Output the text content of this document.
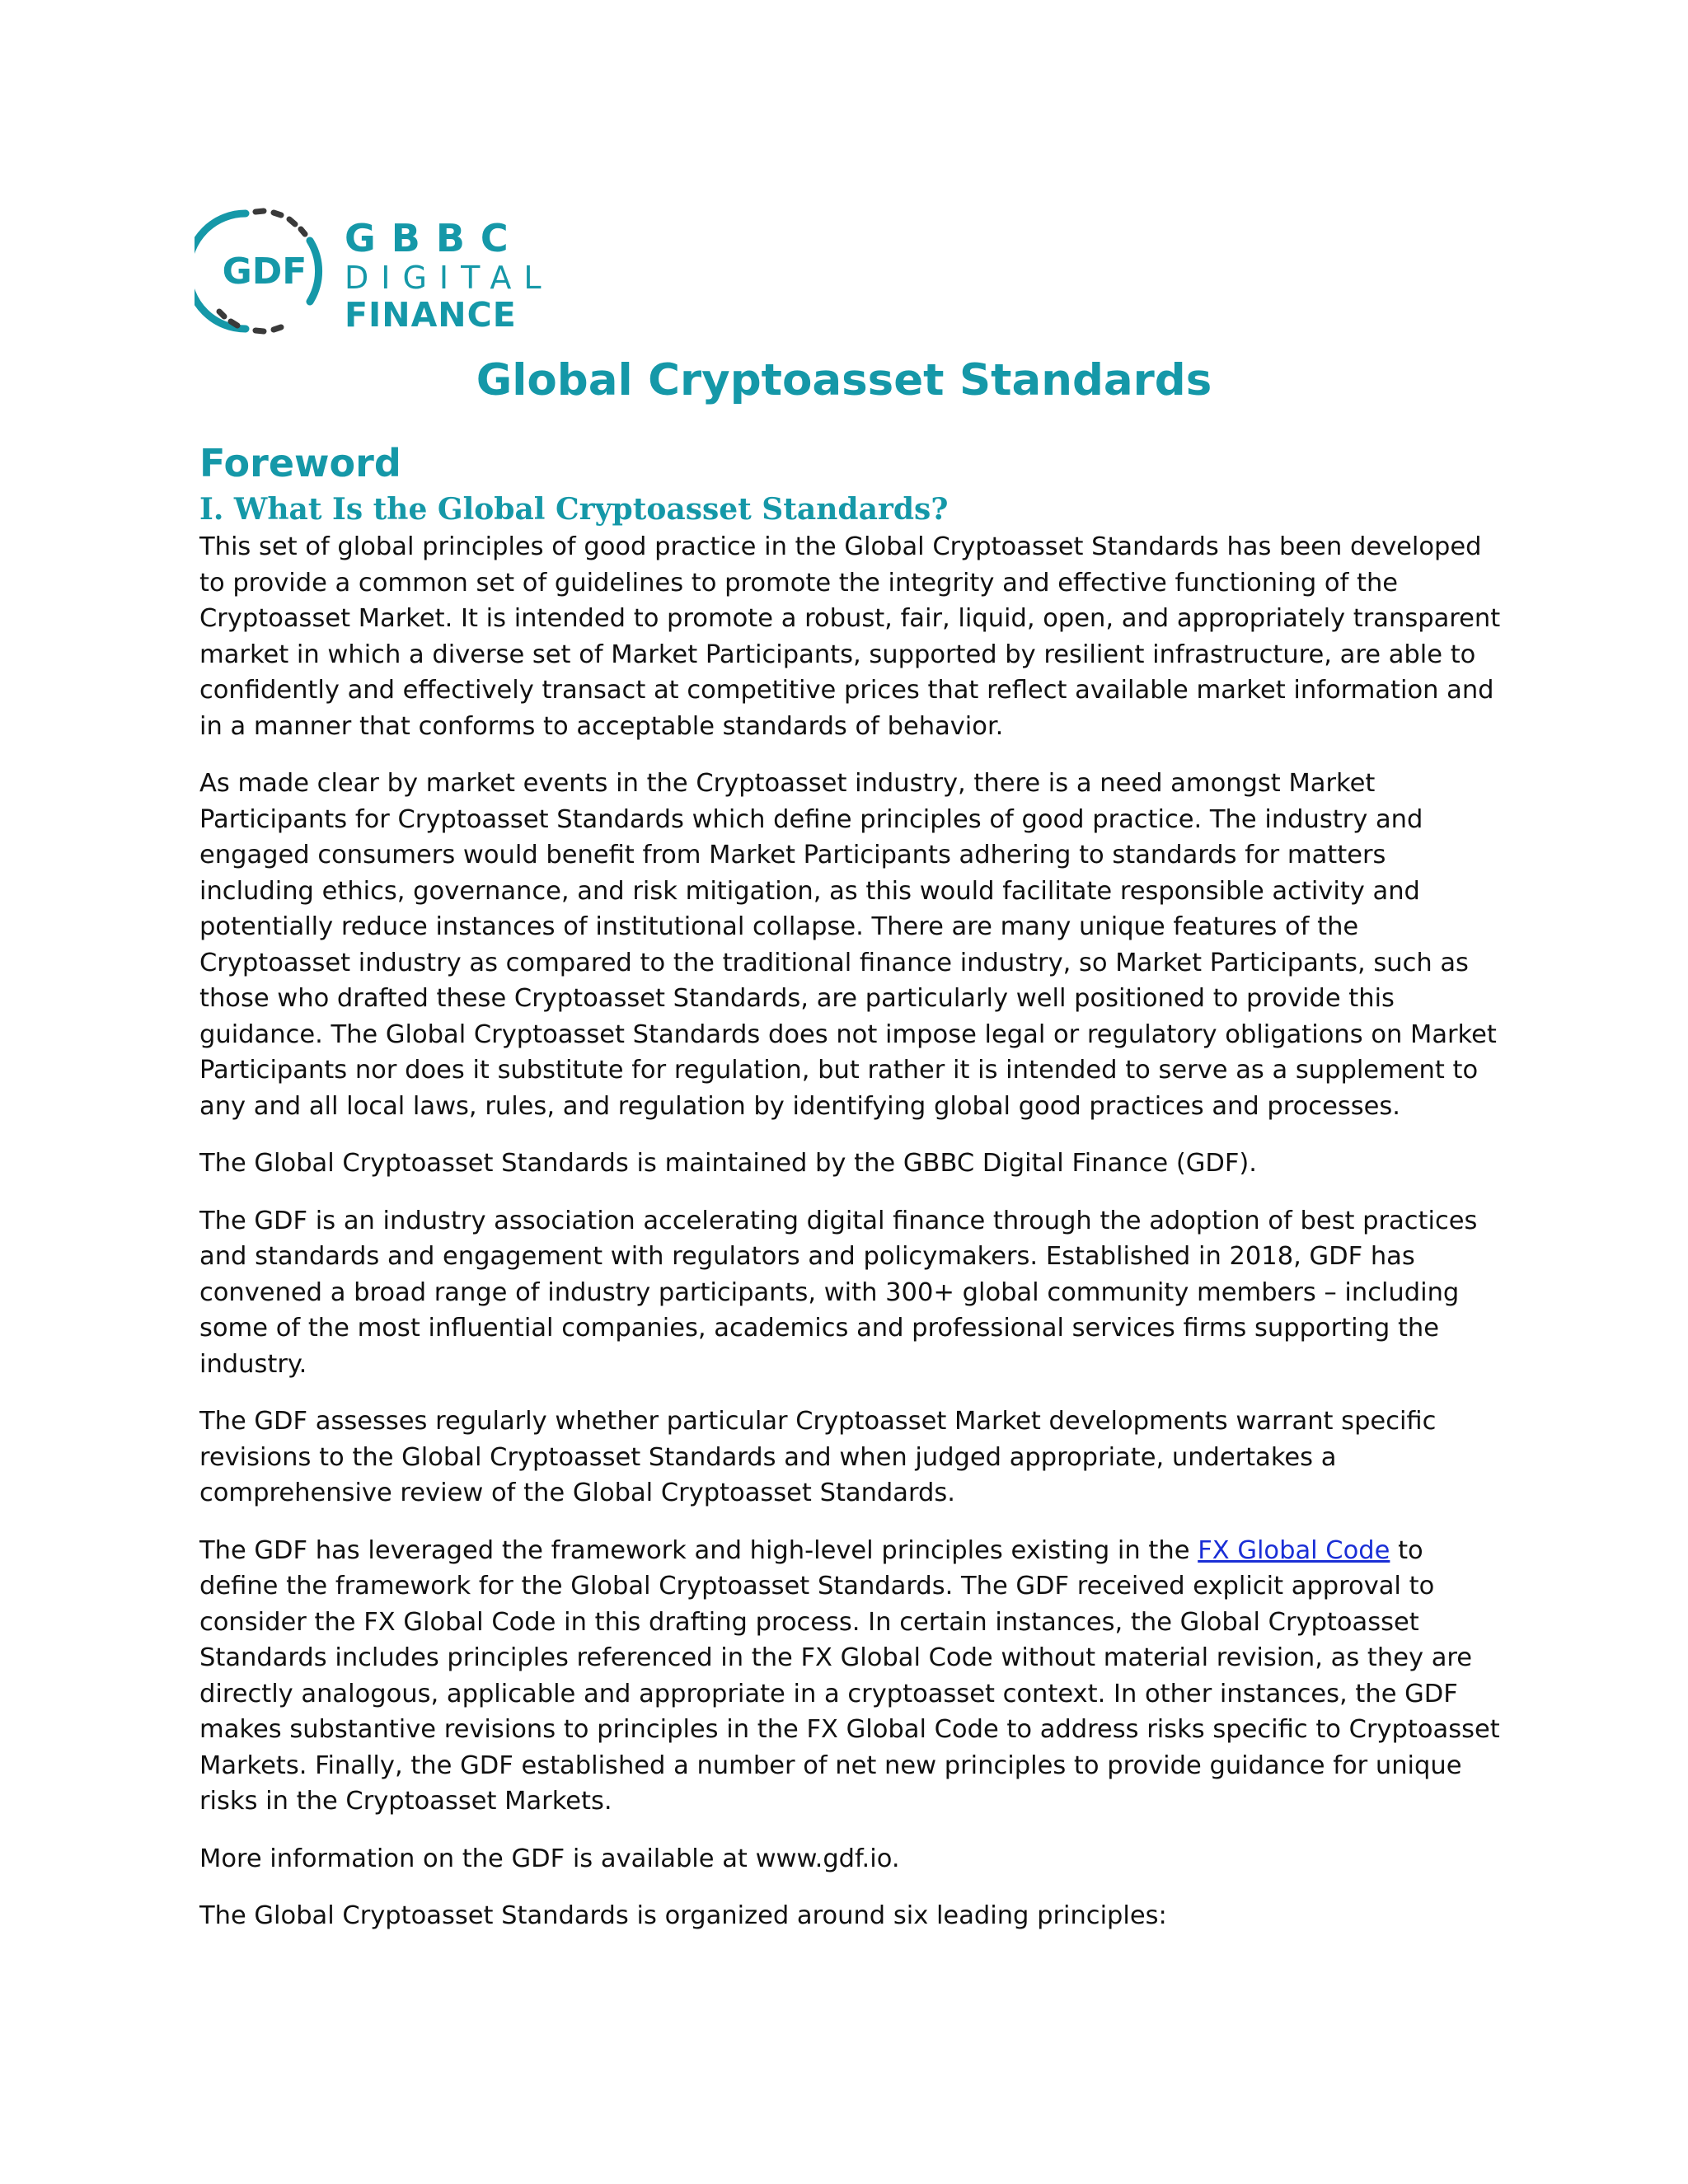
GDF
GBBC
DIGITAL
FINANCE
Global Cryptoasset Standards
Foreword
I. What Is the Global Cryptoasset Standards?

This set of global principles of good practice in the Global Cryptoasset Standards has been developed to provide a common set of guidelines to promote the integrity and effective functioning of the Cryptoasset Market. It is intended to promote a robust, fair, liquid, open, and appropriately transparent market in which a diverse set of Market Participants, supported by resilient infrastructure, are able to confidently and effectively transact at competitive prices that reflect available market information and in a manner that conforms to acceptable standards of behavior.

As made clear by market events in the Cryptoasset industry, there is a need amongst Market Participants for Cryptoasset Standards which define principles of good practice. The industry and engaged consumers would benefit from Market Participants adhering to standards for matters including ethics, governance, and risk mitigation, as this would facilitate responsible activity and potentially reduce instances of institutional collapse. There are many unique features of the Cryptoasset industry as compared to the traditional finance industry, so Market Participants, such as those who drafted these Cryptoasset Standards, are particularly well positioned to provide this guidance. The Global Cryptoasset Standards does not impose legal or regulatory obligations on Market Participants nor does it substitute for regulation, but rather it is intended to serve as a supplement to any and all local laws, rules, and regulation by identifying global good practices and processes.

The Global Cryptoasset Standards is maintained by the GBBC Digital Finance (GDF).

The GDF is an industry association accelerating digital finance through the adoption of best practices and standards and engagement with regulators and policymakers. Established in 2018, GDF has convened a broad range of industry participants, with 300+ global community members – including some of the most influential companies, academics and professional services firms supporting the industry.

The GDF assesses regularly whether particular Cryptoasset Market developments warrant specific revisions to the Global Cryptoasset Standards and when judged appropriate, undertakes a comprehensive review of the Global Cryptoasset Standards.

The GDF has leveraged the framework and high-level principles existing in the FX Global Code to define the framework for the Global Cryptoasset Standards. The GDF received explicit approval to consider the FX Global Code in this drafting process. In certain instances, the Global Cryptoasset Standards includes principles referenced in the FX Global Code without material revision, as they are directly analogous, applicable and appropriate in a cryptoasset context. In other instances, the GDF makes substantive revisions to principles in the FX Global Code to address risks specific to Cryptoasset Markets. Finally, the GDF established a number of net new principles to provide guidance for unique risks in the Cryptoasset Markets.

More information on the GDF is available at www.gdf.io.

The Global Cryptoasset Standards is organized around six leading principles:
